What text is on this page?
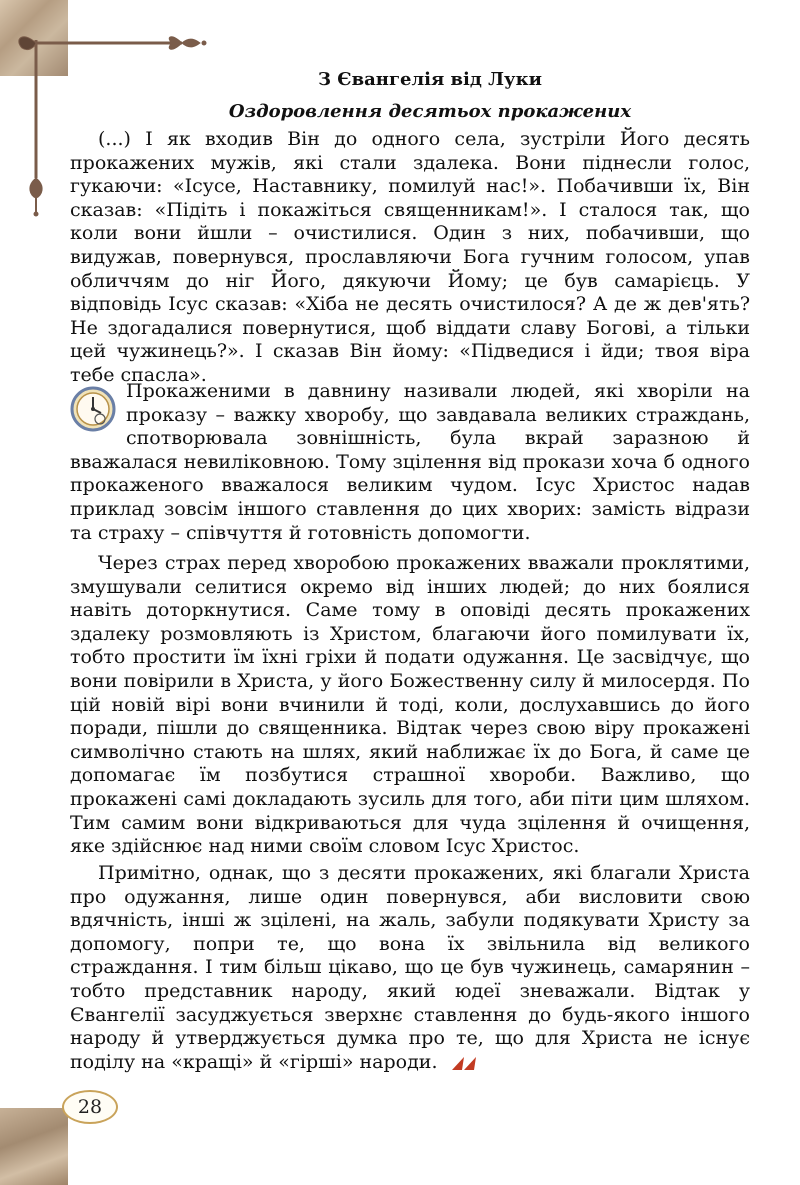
З Євангелія від Луки
Оздоровлення десятьох прокажених
(...) І як входив Він до одного села, зустріли Його десять прокажених мужів, які стали здалека. Вони піднесли голос, гукаючи: «Ісусе, Наставнику, помилуй нас!». Побачивши їх, Він сказав: «Підіть і покажіться священникам!». І сталося так, що коли вони йшли – очистилися. Один з них, побачивши, що видужав, повернувся, прославляючи Бога гучним голосом, упав обличчям до ніг Його, дякуючи Йому; це був самарієць. У відповідь Ісус сказав: «Хіба не десять очистилося? А де ж дев'ять? Не здогадалися повернутися, щоб віддати славу Богові, а тільки цей чужинець?». І сказав Він йому: «Підведися і йди; твоя віра тебе спасла».
Прокаженими в давнину називали людей, які хворіли на проказу – важку хворобу, що завдавала великих страждань, спотворювала зовнішність, була вкрай заразною й вважалася невиліковною. Тому зцілення від прокази хоча б одного прокаженого вважалося великим чудом. Ісус Христос надав приклад зовсім іншого ставлення до цих хворих: замість відрази та страху – співчуття й готовність допомогти.
Через страх перед хворобою прокажених вважали проклятими, змушували селитися окремо від інших людей; до них боялися навіть доторкнутися. Саме тому в оповіді десять прокажених здалеку розмовляють із Христом, благаючи його помилувати їх, тобто простити їм їхні гріхи й подати одужання. Це засвідчує, що вони повірили в Христа, у його Божественну силу й милосердя. По цій новій вірі вони вчинили й тоді, коли, дослухавшись до його поради, пішли до священника. Відтак через свою віру прокажені символічно стають на шлях, який наближає їх до Бога, й саме це допомагає їм позбутися страшної хвороби. Важливо, що прокажені самі докладають зусиль для того, аби піти цим шляхом. Тим самим вони відкриваються для чуда зцілення й очищення, яке здійснює над ними своїм словом Ісус Христос.
Примітно, однак, що з десяти прокажених, які благали Христа про одужання, лише один повернувся, аби висловити свою вдячність, інші ж зцілені, на жаль, забули подякувати Христу за допомогу, попри те, що вона їх звільнила від великого страждання. І тим більш цікаво, що це був чужинець, самарянин – тобто представник народу, який юдеї зневажали. Відтак у Євангелії засуджується зверхнє ставлення до будь-якого іншого народу й утверджується думка про те, що для Христа не існує поділу на «кращі» й «гірші» народи.
28
